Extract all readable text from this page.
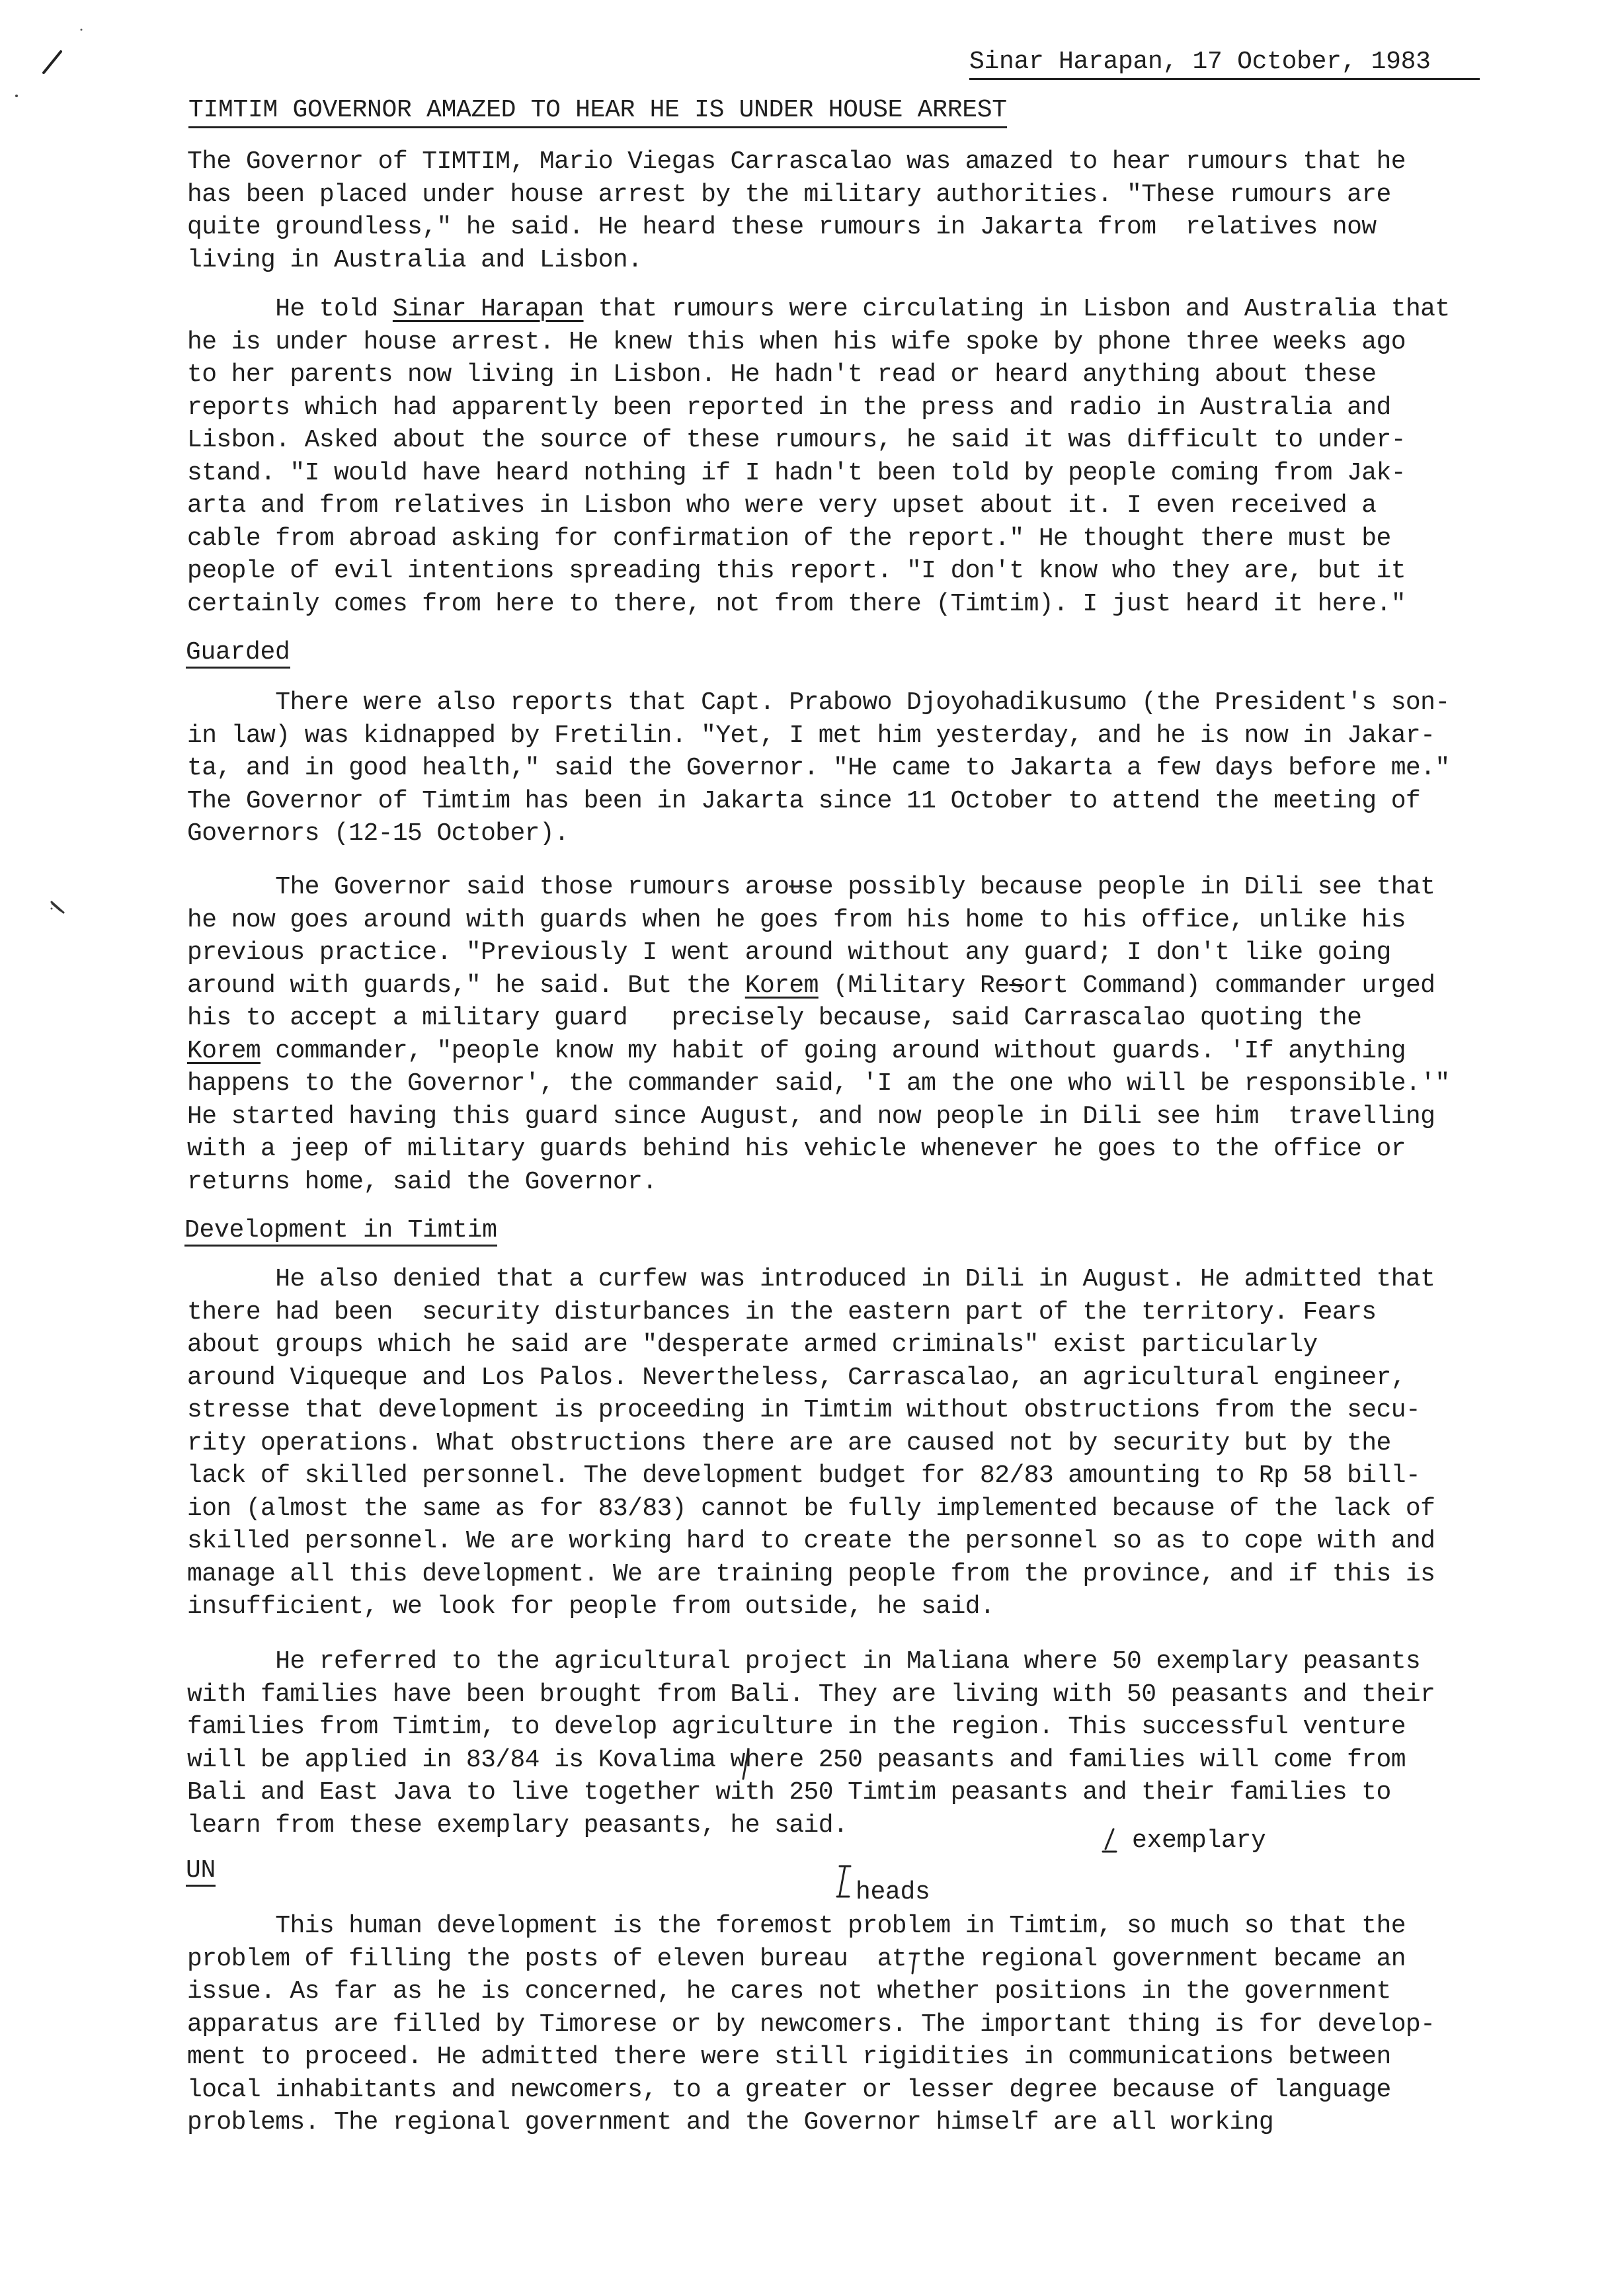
Sinar Harapan, 17 October, 1983
TIMTIM GOVERNOR AMAZED TO HEAR HE IS UNDER HOUSE ARREST

The Governor of TIMTIM, Mario Viegas Carrascalao was amazed to hear rumours that he
has been placed under house arrest by the military authorities. "These rumours are
quite groundless," he said. He heard these rumours in Jakarta from  relatives now
living in Australia and Lisbon.

He told Sinar Harapan that rumours were circulating in Lisbon and Australia that
he is under house arrest. He knew this when his wife spoke by phone three weeks ago
to her parents now living in Lisbon. He hadn't read or heard anything about these
reports which had apparently been reported in the press and radio in Australia and
Lisbon. Asked about the source of these rumours, he said it was difficult to under-
stand. "I would have heard nothing if I hadn't been told by people coming from Jak-
arta and from relatives in Lisbon who were very upset about it. I even received a
cable from abroad asking for confirmation of the report." He thought there must be
people of evil intentions spreading this report. "I don't know who they are, but it
certainly comes from here to there, not from there (Timtim). I just heard it here."

Guarded

There were also reports that Capt. Prabowo Djoyohadikusumo (the President's son-
in law) was kidnapped by Fretilin. "Yet, I met him yesterday, and he is now in Jakar-
ta, and in good health," said the Governor. "He came to Jakarta a few days before me."
The Governor of Timtim has been in Jakarta since 11 October to attend the meeting of
Governors (12-15 October).

The Governor said those rumours arouse possibly because people in Dili see that
he now goes around with guards when he goes from his home to his office, unlike his
previous practice. "Previously I went around without any guard; I don't like going
around with guards," he said. But the Korem (Military Resort Command) commander urged
his to accept a military guard   precisely because, said Carrascalao quoting the
Korem commander, "people know my habit of going around without guards. 'If anything
happens to the Governor', the commander said, 'I am the one who will be responsible.'"
He started having this guard since August, and now people in Dili see him  travelling
with a jeep of military guards behind his vehicle whenever he goes to the office or
returns home, said the Governor.

Development in Timtim

He also denied that a curfew was introduced in Dili in August. He admitted that
there had been  security disturbances in the eastern part of the territory. Fears
about groups which he said are "desperate armed criminals" exist particularly
around Viqueque and Los Palos. Nevertheless, Carrascalao, an agricultural engineer,
stresse that development is proceeding in Timtim without obstructions from the secu-
rity operations. What obstructions there are are caused not by security but by the
lack of skilled personnel. The development budget for 82/83 amounting to Rp 58 bill-
ion (almost the same as for 83/83) cannot be fully implemented because of the lack of
skilled personnel. We are working hard to create the personnel so as to cope with and
manage all this development. We are training people from the province, and if this is
insufficient, we look for people from outside, he said.

He referred to the agricultural project in Maliana where 50 exemplary peasants
with families have been brought from Bali. They are living with 50 peasants and their
families from Timtim, to develop agriculture in the region. This successful venture
will be applied in 83/84 is Kovalima where 250 peasants and families will come from
Bali and East Java to live together with 250 Timtim peasants and their families to
learn from these exemplary peasants, he said.

exemplary
UN
heads

This human development is the foremost problem in Timtim, so much so that the
problem of filling the posts of eleven bureau  at the regional government became an
issue. As far as he is concerned, he cares not whether positions in the government
apparatus are filled by Timorese or by newcomers. The important thing is for develop-
ment to proceed. He admitted there were still rigidities in communications between
local inhabitants and newcomers, to a greater or lesser degree because of language
problems. The regional government and the Governor himself are all working
